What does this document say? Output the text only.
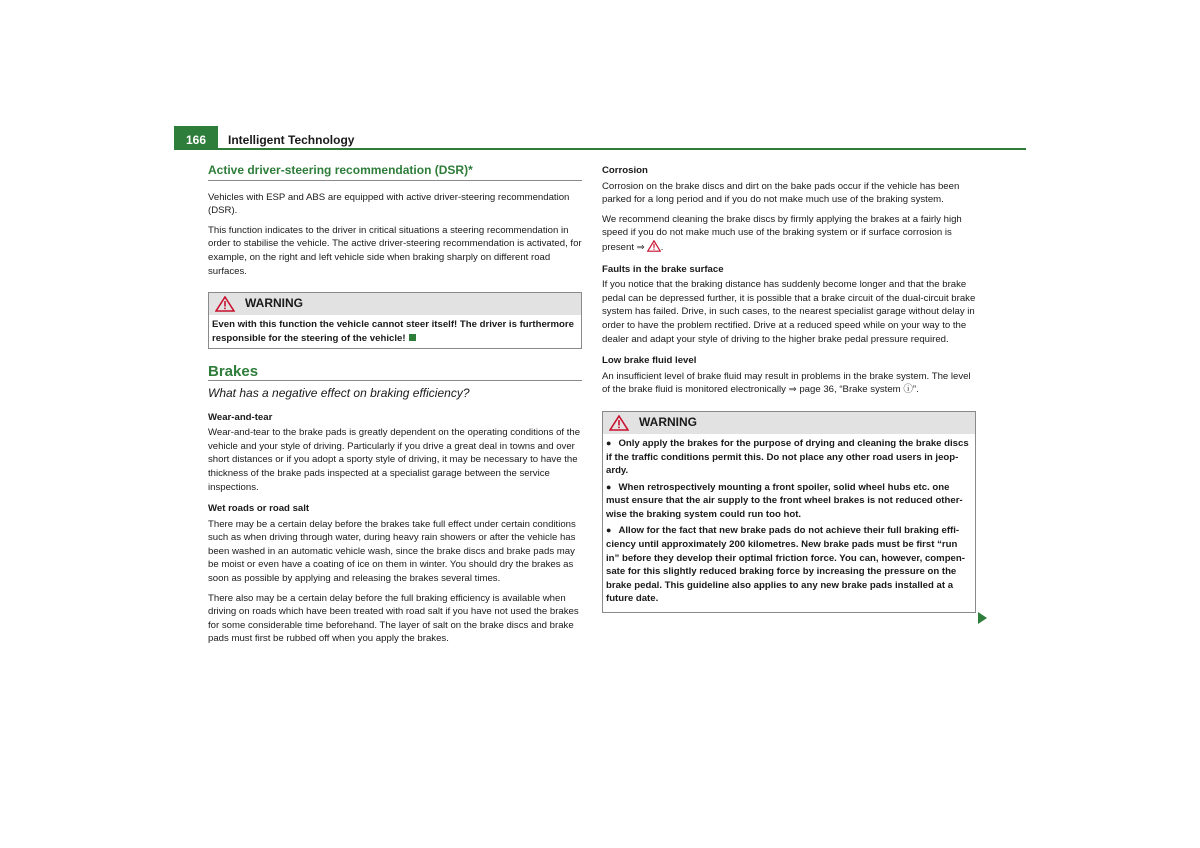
166	Intelligent Technology
Active driver-steering recommendation (DSR)*

Vehicles with ESP and ABS are equipped with active driver-steering recommendation (DSR).

This function indicates to the driver in critical situations a steering recommendation in order to stabilise the vehicle. The active driver-steering recommendation is activated, for example, on the right and left vehicle side when braking sharply on different road surfaces.

WARNING
Even with this function the vehicle cannot steer itself! The driver is furthermore responsible for the steering of the vehicle!
Brakes
What has a negative effect on braking efficiency?
Wear-and-tear

Wear-and-tear to the brake pads is greatly dependent on the operating conditions of the vehicle and your style of driving. Particularly if you drive a great deal in towns and over short distances or if you adopt a sporty style of driving, it may be necessary to have the thickness of the brake pads inspected at a specialist garage between the service inspections.

Wet roads or road salt

There may be a certain delay before the brakes take full effect under certain conditions such as when driving through water, during heavy rain showers or after the vehicle has been washed in an automatic vehicle wash, since the brake discs and brake pads may be moist or even have a coating of ice on them in winter. You should dry the brakes as soon as possible by applying and releasing the brakes several times.

There also may be a certain delay before the full braking efficiency is available when driving on roads which have been treated with road salt if you have not used the brakes for some considerable time beforehand. The layer of salt on the brake discs and brake pads must first be rubbed off when you apply the brakes.

Corrosion

Corrosion on the brake discs and dirt on the bake pads occur if the vehicle has been parked for a long period and if you do not make much use of the braking system.

We recommend cleaning the brake discs by firmly applying the brakes at a fairly high speed if you do not make much use of the braking system or if surface corrosion is present ⇒ .

Faults in the brake surface

If you notice that the braking distance has suddenly become longer and that the brake pedal can be depressed further, it is possible that a brake circuit of the dual-circuit brake system has failed. Drive, in such cases, to the nearest specialist garage without delay in order to have the problem rectified. Drive at a reduced speed while on your way to the dealer and adapt your style of driving to the higher brake pedal pressure required.

Low brake fluid level

An insufficient level of brake fluid may result in problems in the brake system. The level of the brake fluid is monitored electronically ⇒ page 36, “Brake system ⓘ”.

WARNING

● Only apply the brakes for the purpose of drying and cleaning the brake discs if the traffic conditions permit this. Do not place any other road users in jeop-ardy.

● When retrospectively mounting a front spoiler, solid wheel hubs etc. one must ensure that the air supply to the front wheel brakes is not reduced other-wise the braking system could run too hot.

● Allow for the fact that new brake pads do not achieve their full braking effi-ciency until approximately 200 kilometres. New brake pads must be first “run in” before they develop their optimal friction force. You can, however, compen-sate for this slightly reduced braking force by increasing the pressure on the brake pedal. This guideline also applies to any new brake pads installed at a future date.
